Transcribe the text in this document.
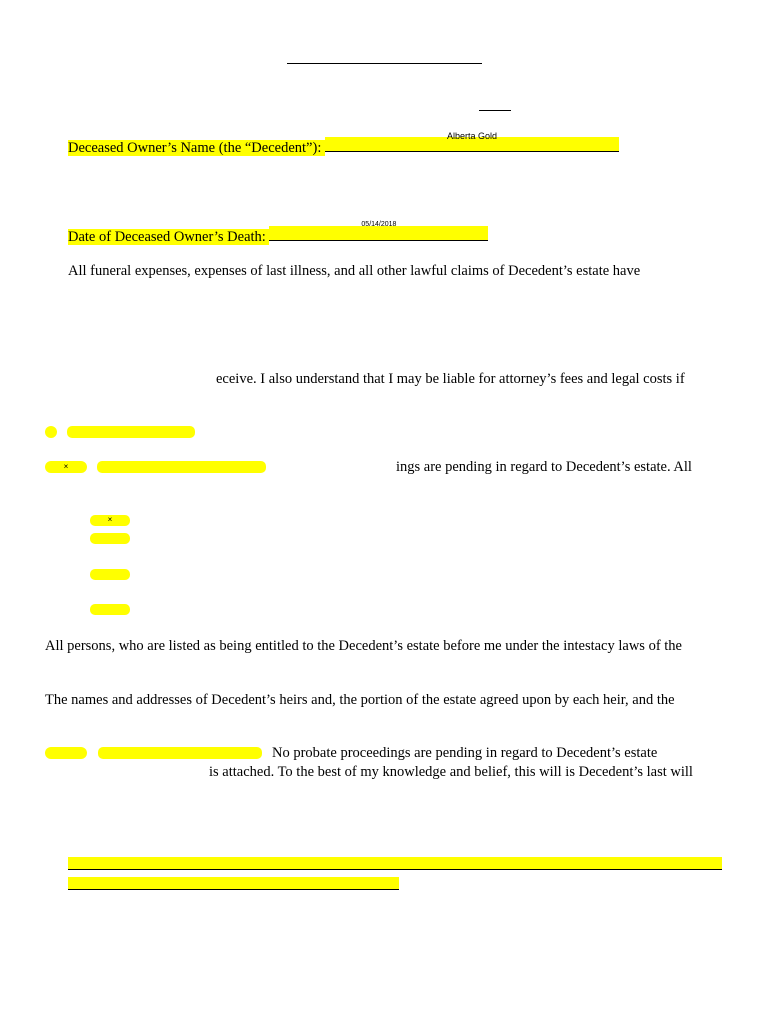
Deceased Owner’s Name (the “Decedent”):
Alberta Gold
Date of Deceased Owner’s Death:
05/14/2018
All funeral expenses, expenses of last illness, and all other lawful claims of Decedent’s estate have
eceive. I also understand that I may be liable for attorney’s fees and legal costs if
×	ings are pending in regard to Decedent’s estate. All
×
All persons, who are listed as being entitled to the Decedent’s estate before me under the intestacy laws of the
The names and addresses of Decedent’s heirs and, the portion of the estate agreed upon by each heir, and the
No probate proceedings are pending in regard to Decedent’s estate
is attached. To the best of my knowledge and belief, this will is Decedent’s last will
